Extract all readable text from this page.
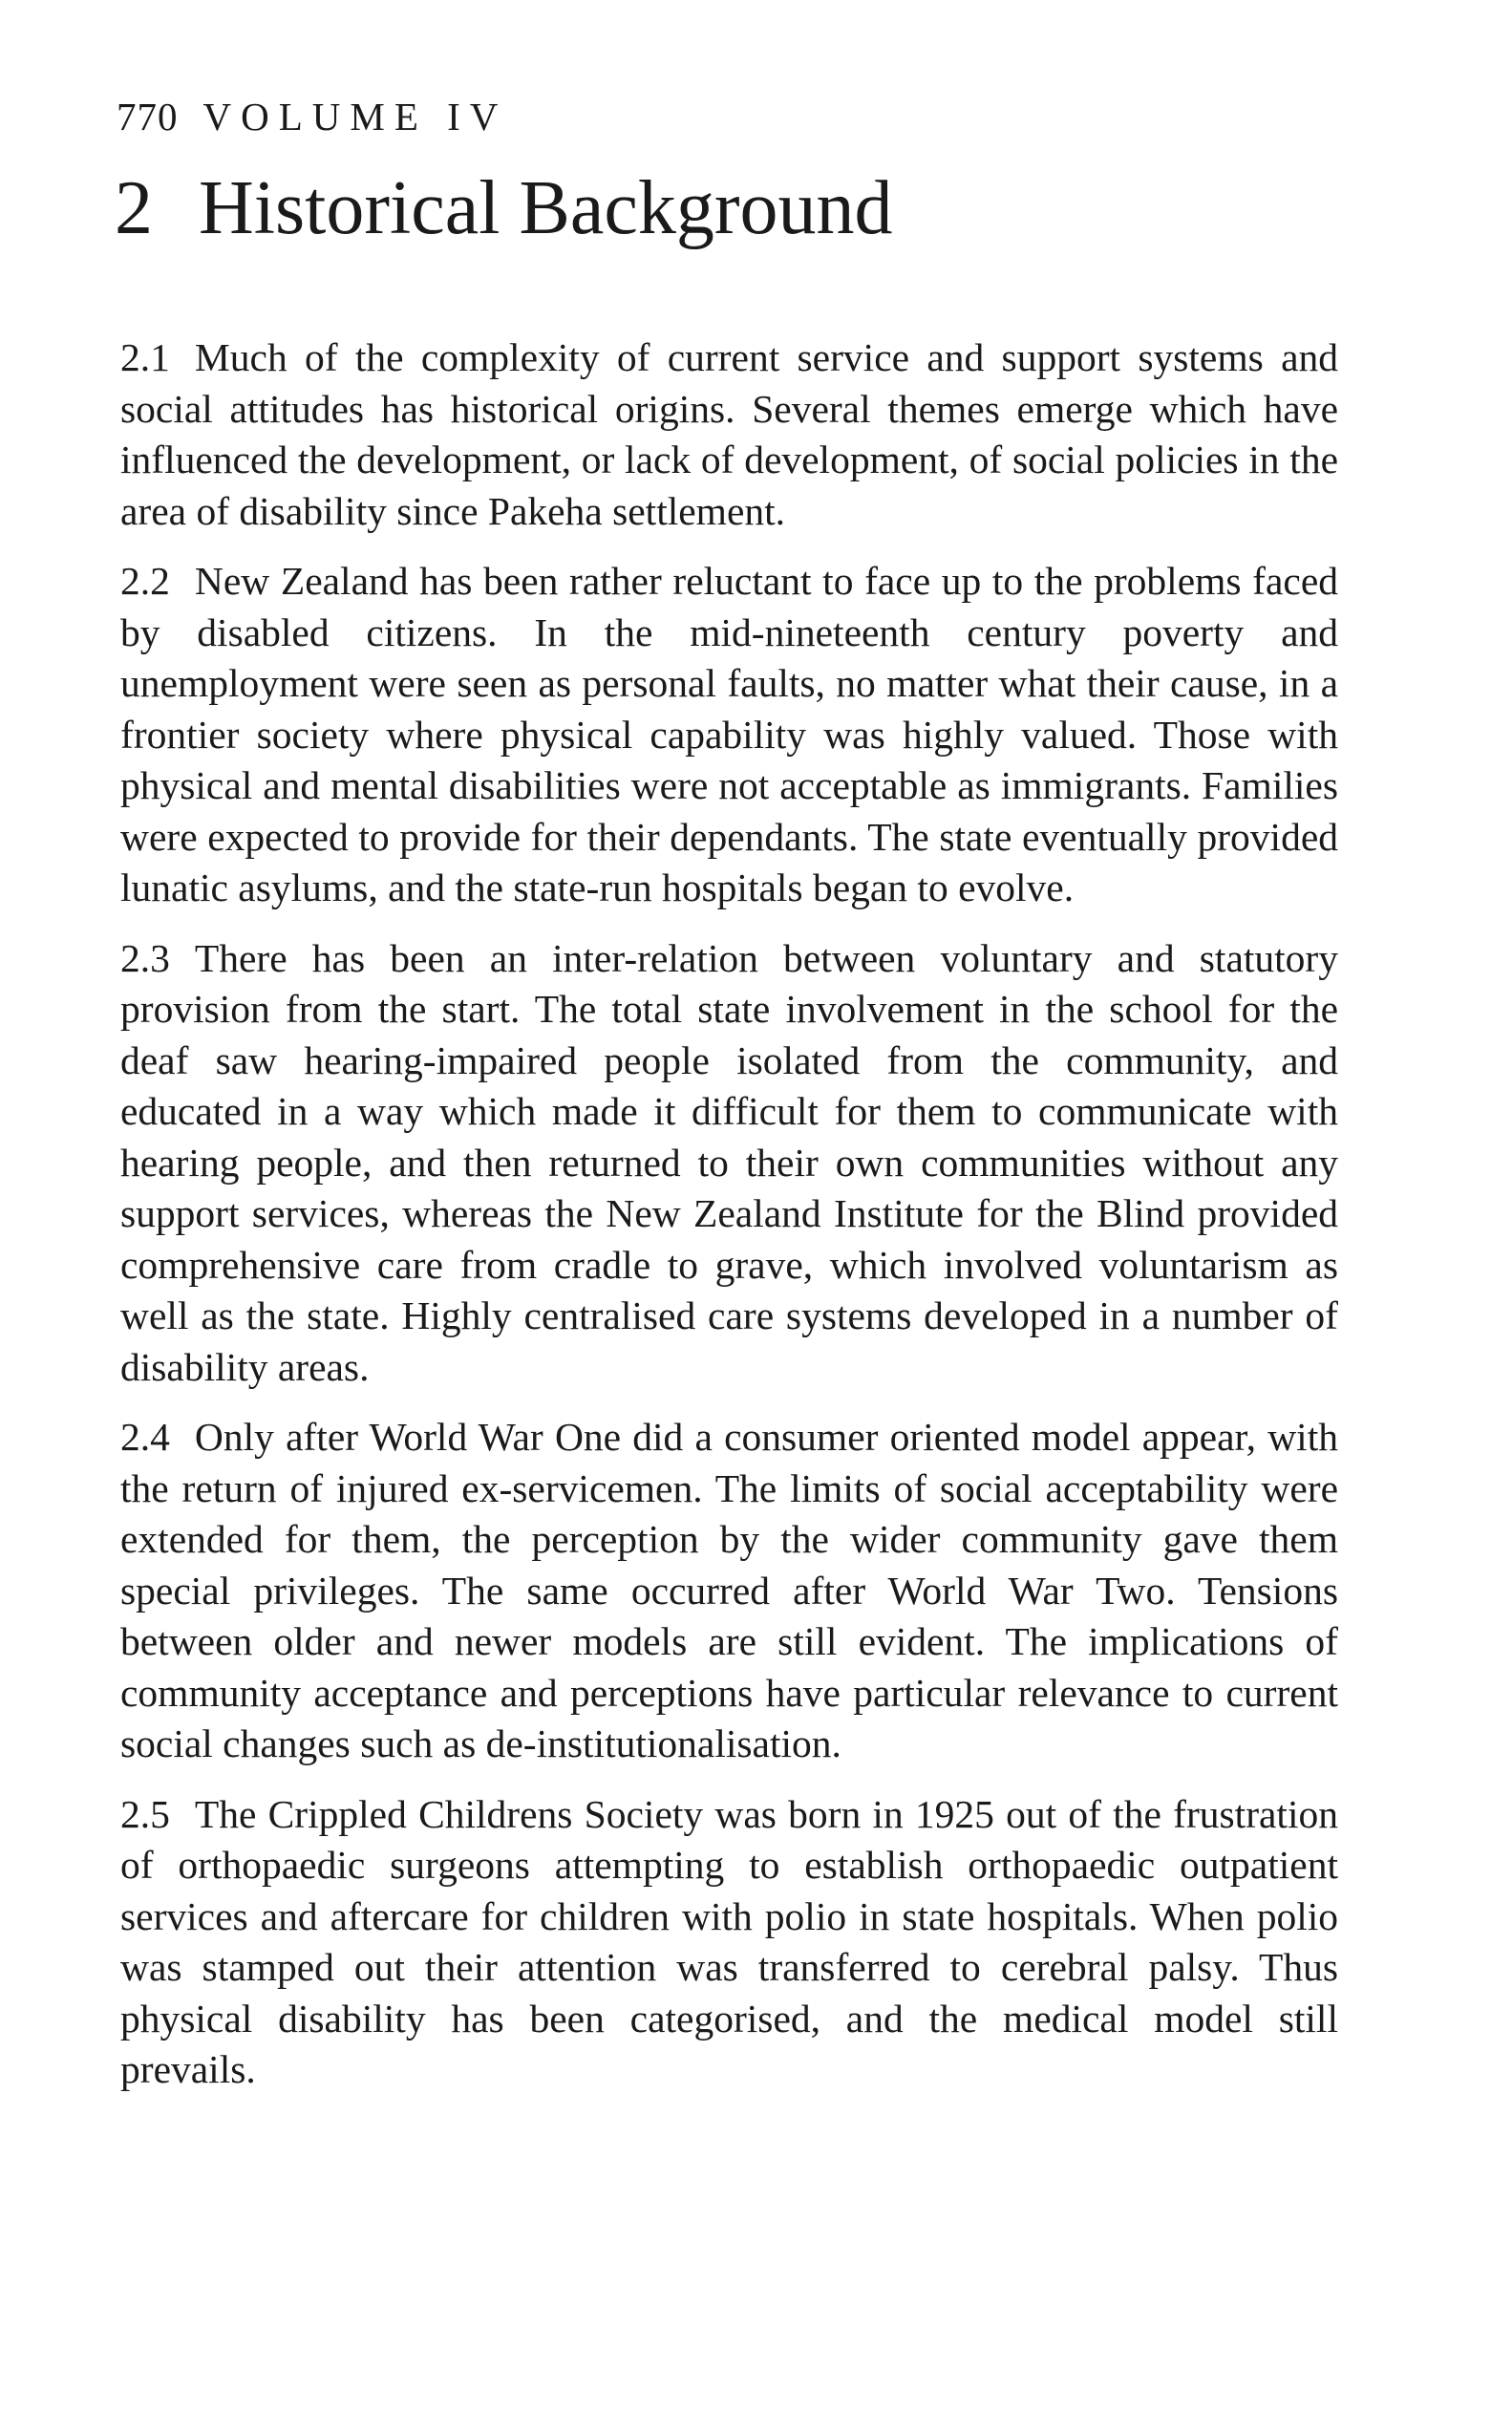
770 VOLUME IV
2 Historical Background

2.1 Much of the complexity of current service and support systems and social attitudes has historical origins. Several themes emerge which have influenced the development, or lack of development, of social policies in the area of disability since Pakeha settlement.

2.2 New Zealand has been rather reluctant to face up to the problems faced by disabled citizens. In the mid-nineteenth century poverty and unemployment were seen as personal faults, no matter what their cause, in a frontier society where physical capability was highly valued. Those with physical and mental disabilities were not acceptable as immigrants. Families were expected to provide for their dependants. The state eventually provided lunatic asylums, and the state-run hospitals began to evolve.

2.3 There has been an inter-relation between voluntary and statutory provision from the start. The total state involvement in the school for the deaf saw hearing-impaired people isolated from the community, and educated in a way which made it difficult for them to communicate with hearing people, and then returned to their own communities without any support services, whereas the New Zealand Institute for the Blind provided comprehensive care from cradle to grave, which involved voluntarism as well as the state. Highly centralised care systems developed in a number of disability areas.

2.4 Only after World War One did a consumer oriented model appear, with the return of injured ex-servicemen. The limits of social acceptability were extended for them, the perception by the wider community gave them special privileges. The same occurred after World War Two. Tensions between older and newer models are still evident. The implications of community acceptance and perceptions have particular relevance to current social changes such as de-institutionalisation.

2.5 The Crippled Childrens Society was born in 1925 out of the frustration of orthopaedic surgeons attempting to establish orthopaedic outpatient services and aftercare for children with polio in state hospitals. When polio was stamped out their attention was transferred to cerebral palsy. Thus physical disability has been categorised, and the medical model still prevails.
